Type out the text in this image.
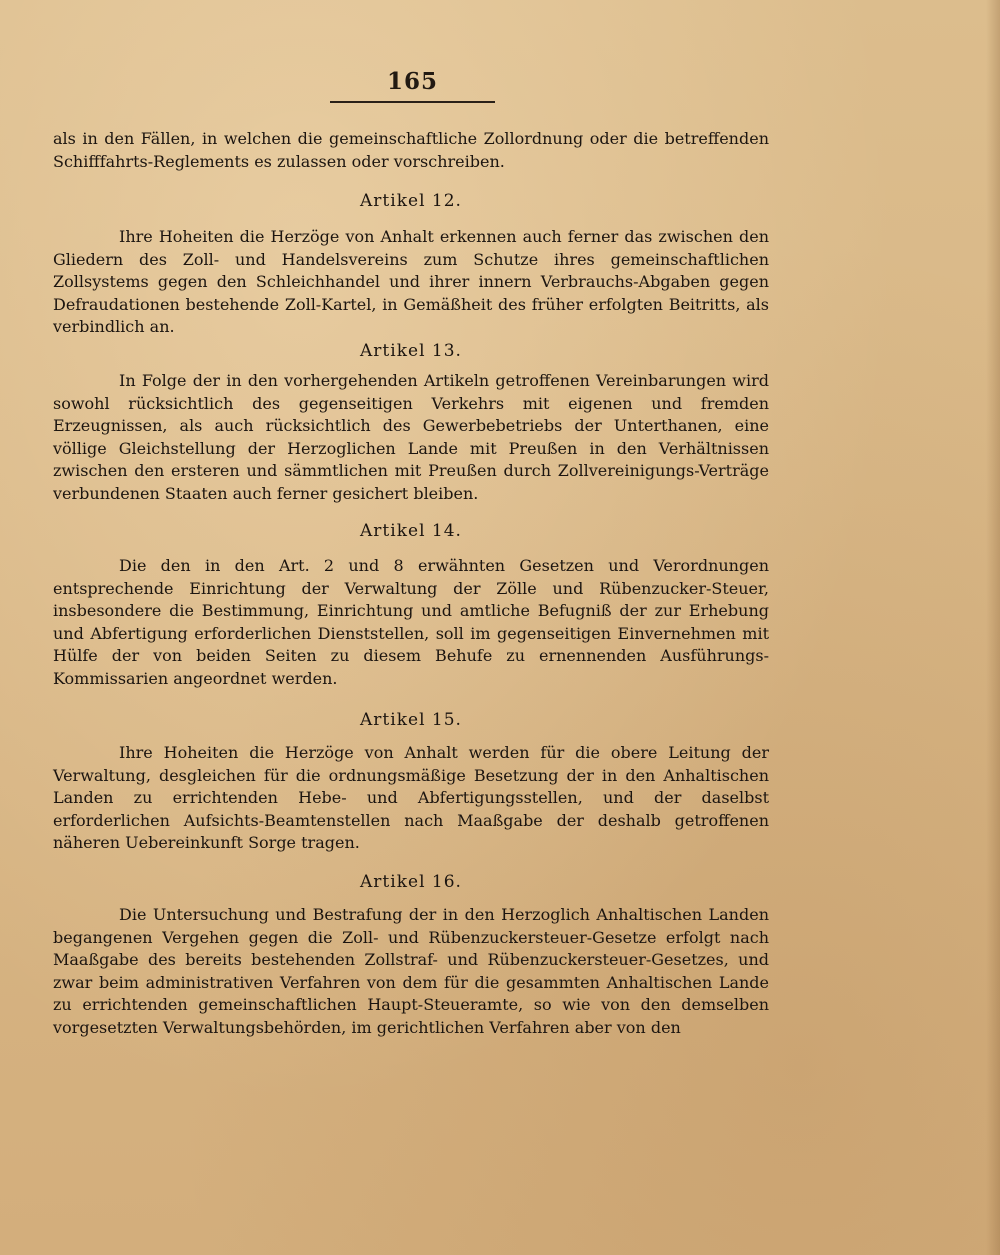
165
als in den Fällen, in welchen die gemeinschaftliche Zollordnung oder die betreffenden Schifffahrts-Reglements es zulassen oder vorschreiben.
Artikel 12.
Ihre Hoheiten die Herzöge von Anhalt erkennen auch ferner das zwischen den Gliedern des Zoll- und Handelsvereins zum Schutze ihres gemeinschaftlichen Zollsystems gegen den Schleichhandel und ihrer innern Verbrauchs-Abgaben gegen Defraudationen bestehende Zoll-Kartel, in Gemäßheit des früher erfolgten Beitritts, als verbindlich an.
Artikel 13.
In Folge der in den vorhergehenden Artikeln getroffenen Vereinbarungen wird sowohl rücksichtlich des gegenseitigen Verkehrs mit eigenen und fremden Erzeugnissen, als auch rücksichtlich des Gewerbebetriebs der Unterthanen, eine völlige Gleichstellung der Herzoglichen Lande mit Preußen in den Verhältnissen zwischen den ersteren und sämmtlichen mit Preußen durch Zollvereinigungs-Verträge verbundenen Staaten auch ferner gesichert bleiben.
Artikel 14.
Die den in den Art. 2 und 8 erwähnten Gesetzen und Verordnungen entsprechende Einrichtung der Verwaltung der Zölle und Rübenzucker-Steuer, insbesondere die Bestimmung, Einrichtung und amtliche Befugniß der zur Erhebung und Abfertigung erforderlichen Dienststellen, soll im gegenseitigen Einvernehmen mit Hülfe der von beiden Seiten zu diesem Behufe zu ernennenden Ausführungs-Kommissarien angeordnet werden.
Artikel 15.
Ihre Hoheiten die Herzöge von Anhalt werden für die obere Leitung der Verwaltung, desgleichen für die ordnungsmäßige Besetzung der in den Anhaltischen Landen zu errichtenden Hebe- und Abfertigungsstellen, und der daselbst erforderlichen Aufsichts-Beamtenstellen nach Maaßgabe der deshalb getroffenen näheren Uebereinkunft Sorge tragen.
Artikel 16.
Die Untersuchung und Bestrafung der in den Herzoglich Anhaltischen Landen begangenen Vergehen gegen die Zoll- und Rübenzuckersteuer-Gesetze erfolgt nach Maaßgabe des bereits bestehenden Zollstraf- und Rübenzuckersteuer-Gesetzes, und zwar beim administrativen Verfahren von dem für die gesammten Anhaltischen Lande zu errichtenden gemeinschaftlichen Haupt-Steueramte, so wie von den demselben vorgesetzten Verwaltungsbehörden, im gerichtlichen Verfahren aber von den
